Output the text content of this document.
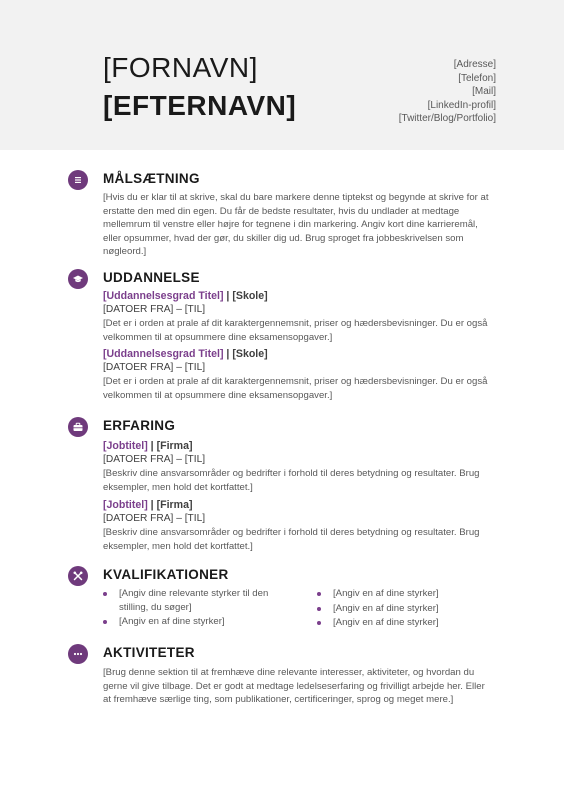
[FORNAVN]
[EFTERNAVN]
[Adresse]
[Telefon]
[Mail]
[LinkedIn-profil]
[Twitter/Blog/Portfolio]
MÅLSÆTNING
[Hvis du er klar til at skrive, skal du bare markere denne tiptekst og begynde at skrive for at erstatte den med din egen. Du får de bedste resultater, hvis du undlader at medtage mellemrum til venstre eller højre for tegnene i din markering. Angiv kort dine karrieremål, eller opsummer, hvad der gør, du skiller dig ud. Brug sproget fra jobbeskrivelsen som nøgleord.]
UDDANNELSE
[Uddannelsesgrad Titel] | [Skole]
[DATOER FRA] – [TIL]
[Det er i orden at prale af dit karaktergennemsnit, priser og hædersbevisninger. Du er også velkommen til at opsummere dine eksamensopgaver.]
[Uddannelsesgrad Titel] | [Skole]
[DATOER FRA] – [TIL]
[Det er i orden at prale af dit karaktergennemsnit, priser og hædersbevisninger. Du er også velkommen til at opsummere dine eksamensopgaver.]
ERFARING
[Jobtitel] | [Firma]
[DATOER FRA] – [TIL]
[Beskriv dine ansvarsområder og bedrifter i forhold til deres betydning og resultater. Brug eksempler, men hold det kortfattet.]
[Jobtitel] | [Firma]
[DATOER FRA] – [TIL]
[Beskriv dine ansvarsområder og bedrifter i forhold til deres betydning og resultater. Brug eksempler, men hold det kortfattet.]
KVALIFIKATIONER
[Angiv dine relevante styrker til den stilling, du søger]
[Angiv en af dine styrker]
[Angiv en af dine styrker]
[Angiv en af dine styrker]
[Angiv en af dine styrker]
AKTIVITETER
[Brug denne sektion til at fremhæve dine relevante interesser, aktiviteter, og hvordan du gerne vil give tilbage. Det er godt at medtage ledelseserfaring og frivilligt arbejde her. Eller at fremhæve særlige ting, som publikationer, certificeringer, sprog og meget mere.]
